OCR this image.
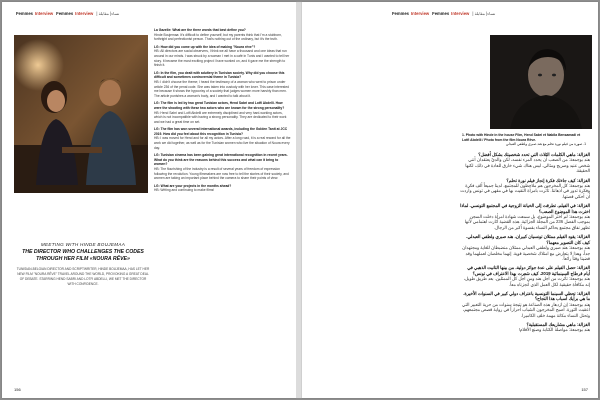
Femmes Interview Femmes Interview | نساء| مقابلة
MEETING WITH HINDE BOUJEMAA
THE DIRECTOR WHO CHALLENGES THE CODES THROUGH HER FILM «NOURA RÊVE»
TUNISIAN-BELGIAN DIRECTOR AND SCRIPTWRITER, HINDE BOUJEMAA, HAS LET HER NEW FILM "NOURA RÊVE" TRAVEL AROUND THE WORLD, PROVOKING A GREAT DEAL OF DEBATE. STARRING HEND SABRI AND LOTFI ABDELLI, WE MET THE DIRECTOR WITH CONFIDENCE.

La Gazelle: What are the three words that best define you?
Hinde Boujemaa: It's difficult to define yourself, but my parents think that I'm a stubborn, forthright and perfectionist person. That's nothing out of the ordinary, but it's the truth.

LG: How did you come up with the idea of making "Noura rêve"?
HB: All directors are social observers, I think we all have a thousand and one ideas that run around in our minds. I was struck by a woman I met in a café in Tunis and I wanted to tell her story. It became the most exciting project I have worked on, and it gave me the strength to finish it.

LG: In the film, you dealt with adultery in Tunisian society. Why did you choose this difficult and sometimes controversial theme in Tunisia?
HB: I didn't choose the theme; I heard the testimony of a woman who went to prison under article 236 of the penal code. She was taken into custody with her lover. This case interested me because it shows the hypocrisy of a society that judges women more harshly than men. The article punishes a woman's body, and I wanted to talk about it.

LG: The film is led by two great Tunisian actors, Hend Sabri and Lotfi Abdelli. How were the shooting with these two actors who are known for the strong personality?
HB: Hend Sabri and Lotfi Abdelli are extremely disciplined and very hard-working actors, which is not incompatible with having a strong personality. They are dedicated to their work and we had a great time on set.

LG: The film has won several international awards, including the Golden Tanit at JCC 2019. How did you feel about this recognition in Tunisia?
HB: I was moved for Hend and for all my actors. After a long road, it is a real reward for all the work we did together, as well as for the Tunisian women who live the situation of Noura every day.

LG: Tunisian cinema has been gaining great international recognition in recent years. What do you think are the reasons behind this success and what can it bring to women?
HB: The flourishing of the industry is a result of several years of freedom of expression following the revolution. Young filmmakers are now free to tell the stories of their society, and women are taking an important place behind the camera to share their points of view.

LG: What are your projects in the months ahead?
HB: Writing and continuing to make films!

156
Femmes Interview Femmes Interview | نساء| مقابلة
1. Photo with Hinde in the house Film, Hend Sabri et Nabila Bensamadi et Lotfi Abdelli / Photo from the film Noura Rêve.
1. صورة من فيلم نورة تحلم مع هند صبري ولطفي العبدلي

الغزالة: ماهي الكلمات الثلاث التي تحدد شخصيتك بشكل أفضل؟
هند بوجمعة: من الصعب أن يحدد المرء نفسه، لكن والديّ يعتقدان أنني شخص عنيد وصريح ومثالي. ليس هناك شيء خارق للعادة في ذلك، لكنها الحقيقة.

الغزالة: كيف جاءتك فكرة إنجاز فيلم نورة تحلم؟
هند بوجمعة: كل المخرجين هم ملاحظون للمجتمع، لدينا جميعاً ألف فكرة وفكرة تدور في أذهاننا. تأثرت بامرأة التقيت بها في مقهى في تونس وأردت أن أحكي قصتها.

الغزالة: في الفيلم، تطرقت إلى الخيانة الزوجية في المجتمع التونسي. لماذا اخترت هذا الموضوع الصعب؟
هند بوجمعة: لم أختر الموضوع، بل سمعت شهادة امرأة دخلت السجن بموجب الفصل 236 من المجلة الجزائية. هذه القضية أثارت اهتمامي لأنها تظهر نفاق مجتمع يحاكم النساء بقسوة أكبر من الرجال.

الغزالة: يقود الفيلم ممثلان تونسيان كبيران، هند صبري ولطفي العبدلي. كيف كان التصوير معهما؟
هند بوجمعة: هند صبري ولطفي العبدلي ممثلان منضبطان للغاية ومجتهدان جداً، وهذا لا يتعارض مع امتلاك شخصية قوية. إنهما مخلصان لعملهما وقد قضينا وقتاً رائعاً.

الغزالة: حصل الفيلم على عدة جوائز دولية، من بينها التانيت الذهبي في أيام قرطاج السينمائية 2019. كيف شعرت بهذا الاعتراف في تونس؟
هند بوجمعة: تأثرت من أجل هند ومن أجل كل الممثلين. بعد طريق طويل، إنه مكافأة حقيقية لكل العمل الذي أنجزناه معاً.

الغزالة: تحظى السينما التونسية باعتراف دولي كبير في السنوات الأخيرة. ما هي برأيك أسباب هذا النجاح؟
هند بوجمعة: إن ازدهار هذه الصناعة هو نتيجة سنوات من حرية التعبير التي أعقبت الثورة. أصبح المخرجون الشباب أحراراً في رواية قصص مجتمعهم، وتحتل النساء مكانة مهمة خلف الكاميرا.

الغزالة: ماهي مشاريعك المستقبلية؟
هند بوجمعة: مواصلة الكتابة وصنع الأفلام!

157
